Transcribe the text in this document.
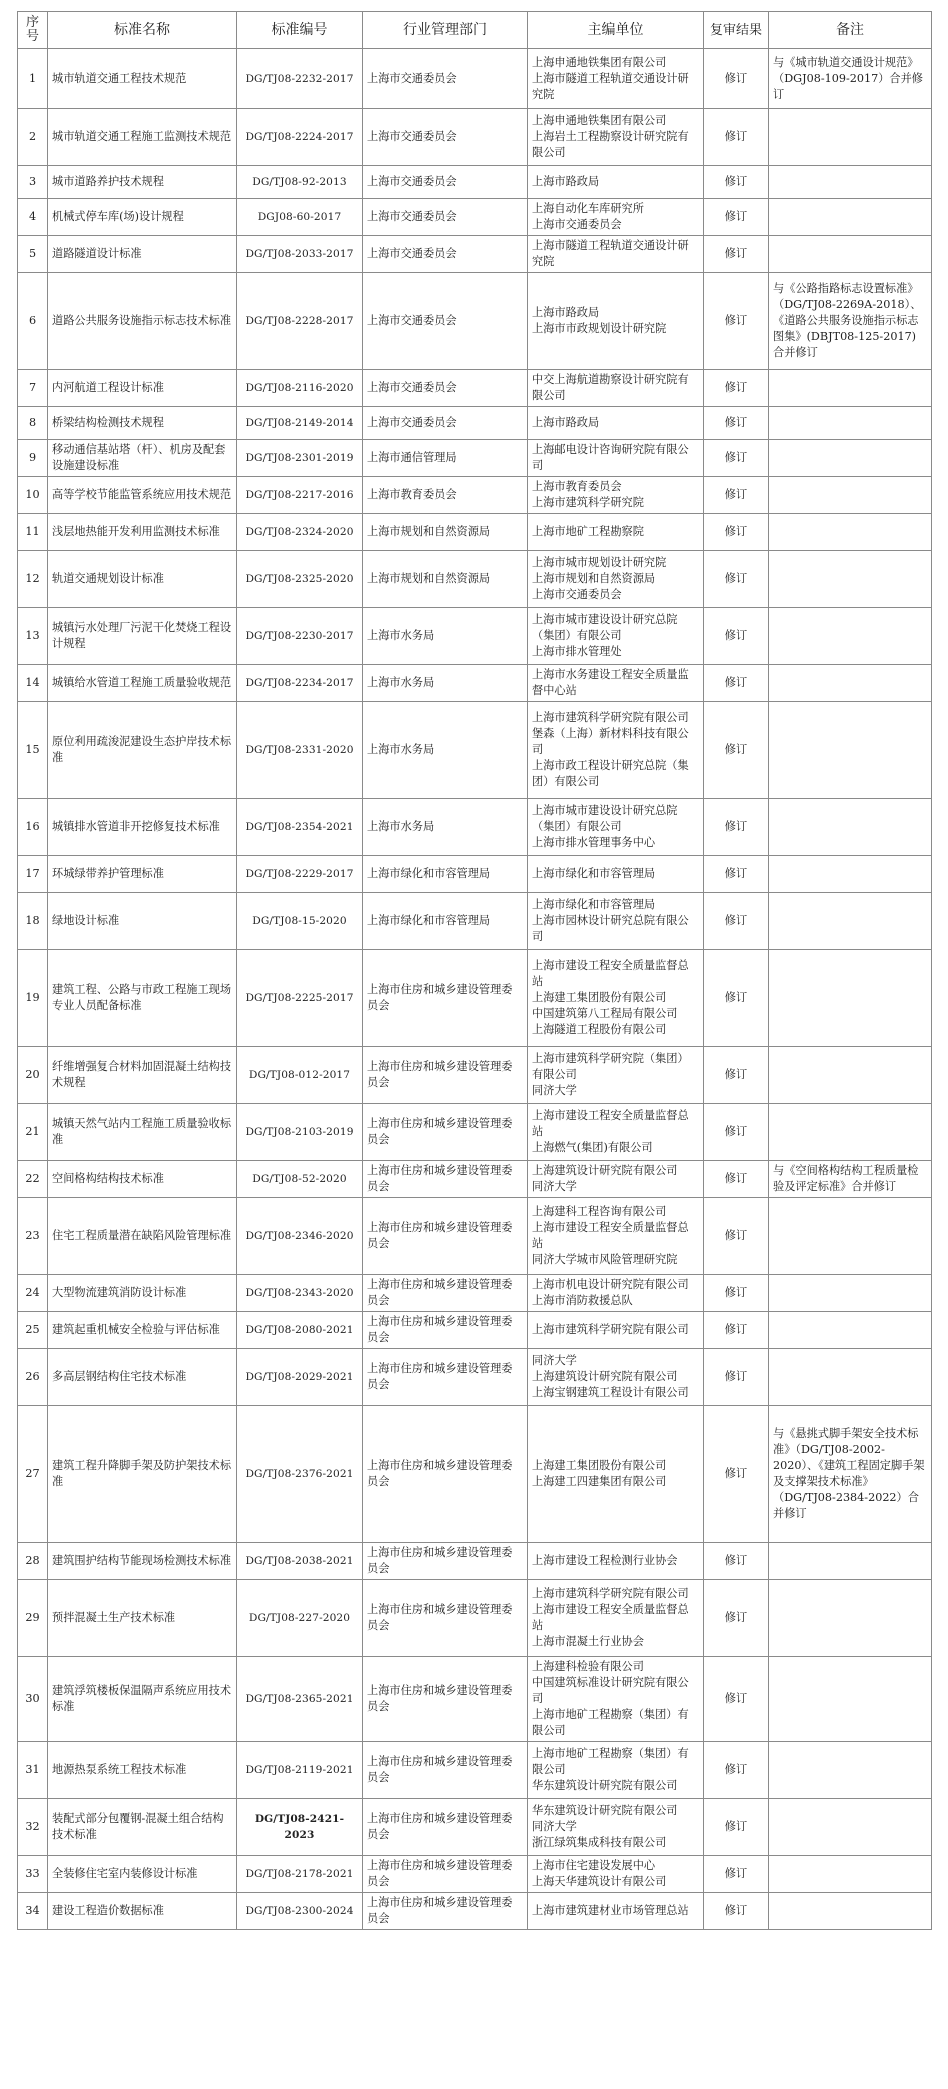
序号	标准名称	标准编号	行业管理部门	主编单位	复审结果	备注
1	城市轨道交通工程技术规范	DG/TJ08-2232-2017	上海市交通委员会	上海申通地铁集团有限公司
上海市隧道工程轨道交通设计研究院	修订	与《城市轨道交通设计规范》（DGJ08-109-2017）合并修订
2	城市轨道交通工程施工监测技术规范	DG/TJ08-2224-2017	上海市交通委员会	上海申通地铁集团有限公司
上海岩土工程勘察设计研究院有限公司	修订	
3	城市道路养护技术规程	DG/TJ08-92-2013	上海市交通委员会	上海市路政局	修订	
4	机械式停车库(场)设计规程	DGJ08-60-2017	上海市交通委员会	上海自动化车库研究所
上海市交通委员会	修订	
5	道路隧道设计标准	DG/TJ08-2033-2017	上海市交通委员会	上海市隧道工程轨道交通设计研究院	修订	
6	道路公共服务设施指示标志技术标准	DG/TJ08-2228-2017	上海市交通委员会	上海市路政局
上海市市政规划设计研究院	修订	与《公路指路标志设置标准》（DG/TJ08-2269A-2018）、《道路公共服务设施指示标志图集》(DBJT08-125-2017)合并修订
7	内河航道工程设计标准	DG/TJ08-2116-2020	上海市交通委员会	中交上海航道勘察设计研究院有限公司	修订	
8	桥梁结构检测技术规程	DG/TJ08-2149-2014	上海市交通委员会	上海市路政局	修订	
9	移动通信基站塔（杆）、机房及配套设施建设标准	DG/TJ08-2301-2019	上海市通信管理局	上海邮电设计咨询研究院有限公司	修订	
10	高等学校节能监管系统应用技术规范	DG/TJ08-2217-2016	上海市教育委员会	上海市教育委员会
上海市建筑科学研究院	修订	
11	浅层地热能开发利用监测技术标准	DG/TJ08-2324-2020	上海市规划和自然资源局	上海市地矿工程勘察院	修订	
12	轨道交通规划设计标准	DG/TJ08-2325-2020	上海市规划和自然资源局	上海市城市规划设计研究院
上海市规划和自然资源局
上海市交通委员会	修订	
13	城镇污水处理厂污泥干化焚烧工程设计规程	DG/TJ08-2230-2017	上海市水务局	上海市城市建设设计研究总院（集团）有限公司
上海市排水管理处	修订	
14	城镇给水管道工程施工质量验收规范	DG/TJ08-2234-2017	上海市水务局	上海市水务建设工程安全质量监督中心站	修订	
15	原位利用疏浚泥建设生态护岸技术标准	DG/TJ08-2331-2020	上海市水务局	上海市建筑科学研究院有限公司
堡森（上海）新材料科技有限公司
上海市政工程设计研究总院（集团）有限公司	修订	
16	城镇排水管道非开挖修复技术标准	DG/TJ08-2354-2021	上海市水务局	上海市城市建设设计研究总院（集团）有限公司
上海市排水管理事务中心	修订	
17	环城绿带养护管理标准	DG/TJ08-2229-2017	上海市绿化和市容管理局	上海市绿化和市容管理局	修订	
18	绿地设计标准	DG/TJ08-15-2020	上海市绿化和市容管理局	上海市绿化和市容管理局
上海市园林设计研究总院有限公司	修订	
19	建筑工程、公路与市政工程施工现场专业人员配备标准	DG/TJ08-2225-2017	上海市住房和城乡建设管理委员会	上海市建设工程安全质量监督总站
上海建工集团股份有限公司
中国建筑第八工程局有限公司
上海隧道工程股份有限公司	修订	
20	纤维增强复合材料加固混凝土结构技术规程	DG/TJ08-012-2017	上海市住房和城乡建设管理委员会	上海市建筑科学研究院（集团）有限公司
同济大学	修订	
21	城镇天然气站内工程施工质量验收标准	DG/TJ08-2103-2019	上海市住房和城乡建设管理委员会	上海市建设工程安全质量监督总站
上海燃气(集团)有限公司	修订	
22	空间格构结构技术标准	DG/TJ08-52-2020	上海市住房和城乡建设管理委员会	上海建筑设计研究院有限公司
同济大学	修订	与《空间格构结构工程质量检验及评定标准》合并修订
23	住宅工程质量潜在缺陷风险管理标准	DG/TJ08-2346-2020	上海市住房和城乡建设管理委员会	上海建科工程咨询有限公司
上海市建设工程安全质量监督总站
同济大学城市风险管理研究院	修订	
24	大型物流建筑消防设计标准	DG/TJ08-2343-2020	上海市住房和城乡建设管理委员会	上海市机电设计研究院有限公司
上海市消防救援总队	修订	
25	建筑起重机械安全检验与评估标准	DG/TJ08-2080-2021	上海市住房和城乡建设管理委员会	上海市建筑科学研究院有限公司	修订	
26	多高层钢结构住宅技术标准	DG/TJ08-2029-2021	上海市住房和城乡建设管理委员会	同济大学
上海建筑设计研究院有限公司
上海宝钢建筑工程设计有限公司	修订	
27	建筑工程升降脚手架及防护架技术标准	DG/TJ08-2376-2021	上海市住房和城乡建设管理委员会	上海建工集团股份有限公司
上海建工四建集团有限公司	修订	与《悬挑式脚手架安全技术标准》（DG/TJ08-2002-2020）、《建筑工程固定脚手架及支撑架技术标准》（DG/TJ08-2384-2022）合并修订
28	建筑围护结构节能现场检测技术标准	DG/TJ08-2038-2021	上海市住房和城乡建设管理委员会	上海市建设工程检测行业协会	修订	
29	预拌混凝土生产技术标准	DG/TJ08-227-2020	上海市住房和城乡建设管理委员会	上海市建筑科学研究院有限公司
上海市建设工程安全质量监督总站
上海市混凝土行业协会	修订	
30	建筑浮筑楼板保温隔声系统应用技术标准	DG/TJ08-2365-2021	上海市住房和城乡建设管理委员会	上海建科检验有限公司
中国建筑标准设计研究院有限公司
上海市地矿工程勘察（集团）有限公司	修订	
31	地源热泵系统工程技术标准	DG/TJ08-2119-2021	上海市住房和城乡建设管理委员会	上海市地矿工程勘察（集团）有限公司
华东建筑设计研究院有限公司	修订	
32	装配式部分包覆钢-混凝土组合结构技术标准	DG/TJ08-2421-2023	上海市住房和城乡建设管理委员会	华东建筑设计研究院有限公司
同济大学
浙江绿筑集成科技有限公司	修订	
33	全装修住宅室内装修设计标准	DG/TJ08-2178-2021	上海市住房和城乡建设管理委员会	上海市住宅建设发展中心
上海天华建筑设计有限公司	修订	
34	建设工程造价数据标准	DG/TJ08-2300-2024	上海市住房和城乡建设管理委员会	上海市建筑建材业市场管理总站	修订	
